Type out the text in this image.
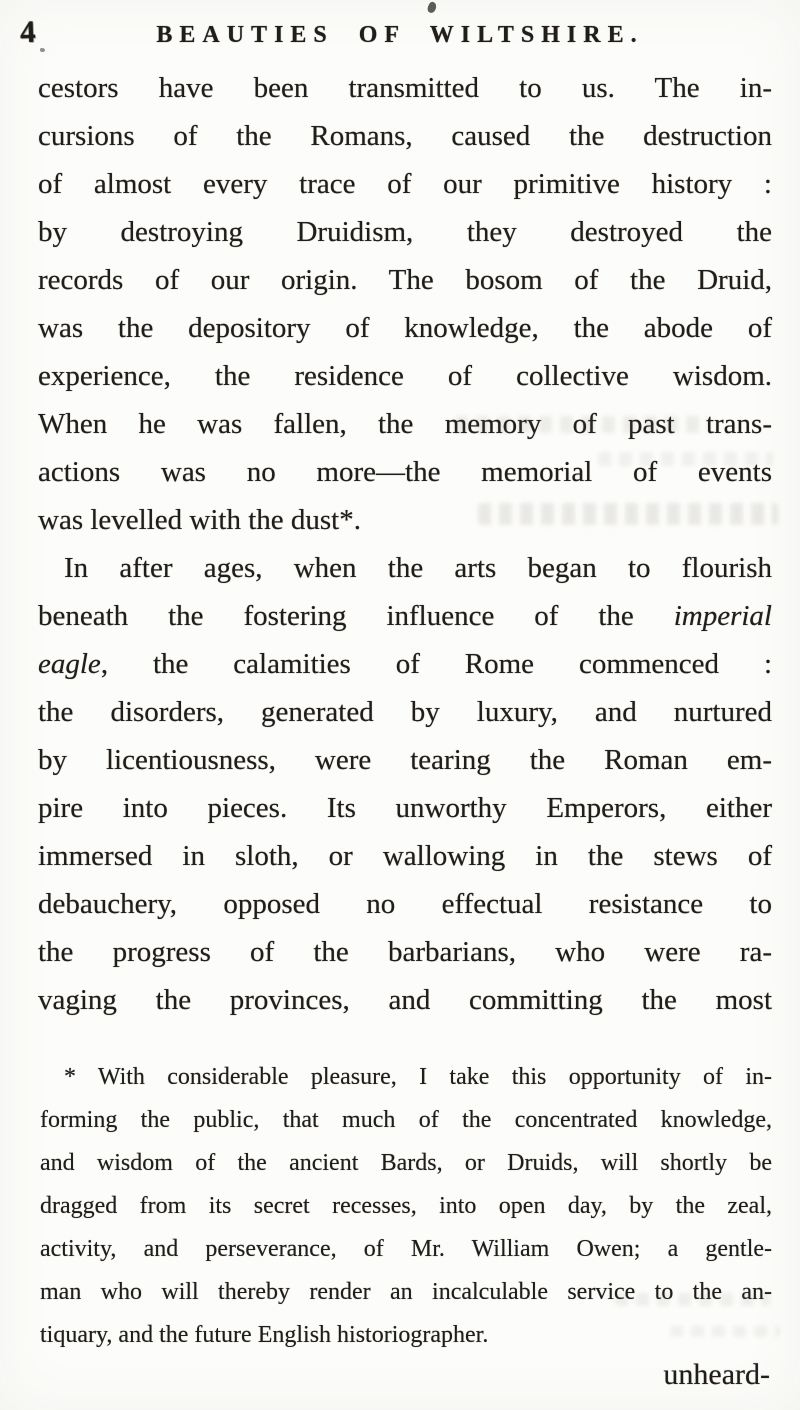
4	BEAUTIES OF WILTSHIRE.
cestors have been transmitted to us. The in-
cursions of the Romans, caused the destruction
of almost every trace of our primitive history :
by destroying Druidism, they destroyed the
records of our origin. The bosom of the Druid,
was the depository of knowledge, the abode of
experience, the residence of collective wisdom.
When he was fallen, the memory of past trans-
actions was no more—the memorial of events
was levelled with the dust*.
In after ages, when the arts began to flourish
beneath the fostering influence of the imperial
eagle, the calamities of Rome commenced :
the disorders, generated by luxury, and nurtured
by licentiousness, were tearing the Roman em-
pire into pieces. Its unworthy Emperors, either
immersed in sloth, or wallowing in the stews of
debauchery, opposed no effectual resistance to
the progress of the barbarians, who were ra-
vaging the provinces, and committing the most
* With considerable pleasure, I take this opportunity of in-
forming the public, that much of the concentrated knowledge,
and wisdom of the ancient Bards, or Druids, will shortly be
dragged from its secret recesses, into open day, by the zeal,
activity, and perseverance, of Mr. William Owen; a gentle-
man who will thereby render an incalculable service to the an-
tiquary, and the future English historiographer.
unheard-
